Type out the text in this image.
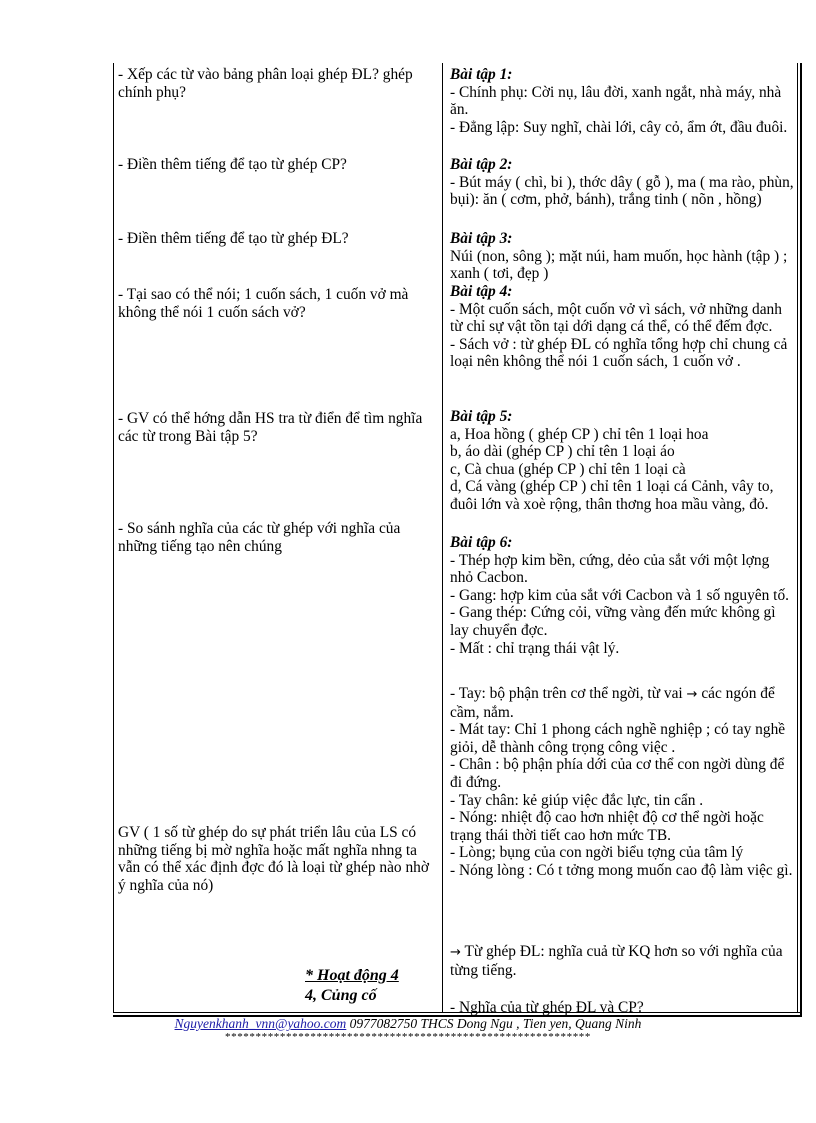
- Xếp các từ vào bảng phân loại ghép ĐL? ghép chính phụ?

- Điền thêm tiếng để tạo từ ghép CP?

- Điền thêm tiếng để tạo từ ghép ĐL?

- Tại sao có thể nói; 1 cuốn sách, 1 cuốn vở mà không thể nói 1 cuốn sách vở?

- GV có thể hớng dẫn HS tra từ điển để tìm nghĩa các từ trong Bài tập 5?

- So sánh nghĩa của các từ ghép với nghĩa của những tiếng tạo nên chúng

GV ( 1 số từ ghép do sự phát triển lâu của LS có những tiếng bị mờ nghĩa hoặc mất nghĩa nhng ta vẫn có thể xác định đợc đó là loại từ ghép nào nhờ ý nghĩa của nó)

* Hoạt động 4
4, Củng cố

Bài tập 1:

- Chính phụ: Cời nụ, lâu đời, xanh ngắt, nhà máy, nhà ăn.

- Đẳng lập: Suy nghĩ, chài lới, cây cỏ, ẩm ớt, đầu đuôi.

Bài tập 2:

- Bút máy ( chì, bi ), thớc dây ( gỗ ), ma ( ma rào, phùn, bụi): ăn ( cơm, phở, bánh), trắng tinh ( nõn , hồng)

Bài tập 3:

Núi (non, sông ); mặt núi, ham muốn, học hành (tập ) ; xanh ( tơi, đẹp )

Bài tập 4:

- Một cuốn sách, một cuốn vở vì sách, vở những danh từ chỉ sự vật tồn tại dới dạng cá thể, có thể đếm đợc.

- Sách vở : từ ghép ĐL có nghĩa tổng hợp chỉ chung cả loại nên không thể nói 1 cuốn sách, 1 cuốn vở .

Bài tập 5:

a, Hoa hồng ( ghép CP ) chỉ tên 1 loại hoa

b, áo dài (ghép CP ) chỉ tên 1 loại áo

c, Cà chua (ghép CP ) chỉ tên 1 loại cà

d, Cá vàng (ghép CP ) chỉ tên 1 loại cá Cảnh, vây to, đuôi lớn và xoè rộng, thân thơng hoa mầu vàng, đỏ.

Bài tập 6:

- Thép hợp kim bền, cứng, dẻo của sắt với một lợng nhỏ Cacbon.

- Gang: hợp kim của sắt với Cacbon và 1 số nguyên tố.

- Gang thép: Cứng cỏi, vững vàng đến mức không gì lay chuyển đợc.

- Mất : chỉ trạng thái vật lý.

- Tay: bộ phận trên cơ thể ngời, từ vai → các ngón để cầm, nắm.

- Mát tay: Chỉ 1 phong cách nghề nghiệp ; có tay nghề giỏi, dễ thành công trọng công việc .

- Chân : bộ phận phía dới của cơ thể con ngời dùng để đi đứng.

- Tay chân: kẻ giúp việc đắc lực, tin cẩn .

- Nóng: nhiệt độ cao hơn nhiệt độ cơ thể ngời hoặc trạng thái thời tiết cao hơn mức TB.

- Lòng; bụng của con ngời biểu tợng của tâm lý

- Nóng lòng : Có t tởng mong muốn cao độ làm việc gì.

→ Từ ghép ĐL: nghĩa cuả từ KQ hơn so với nghĩa của từng tiếng.

- Nghĩa của từ ghép ĐL và CP?

Nguyenkhanh_vnn@yahoo.com 0977082750 THCS Dong Ngu , Tien yen, Quang Ninh
************************************************************
